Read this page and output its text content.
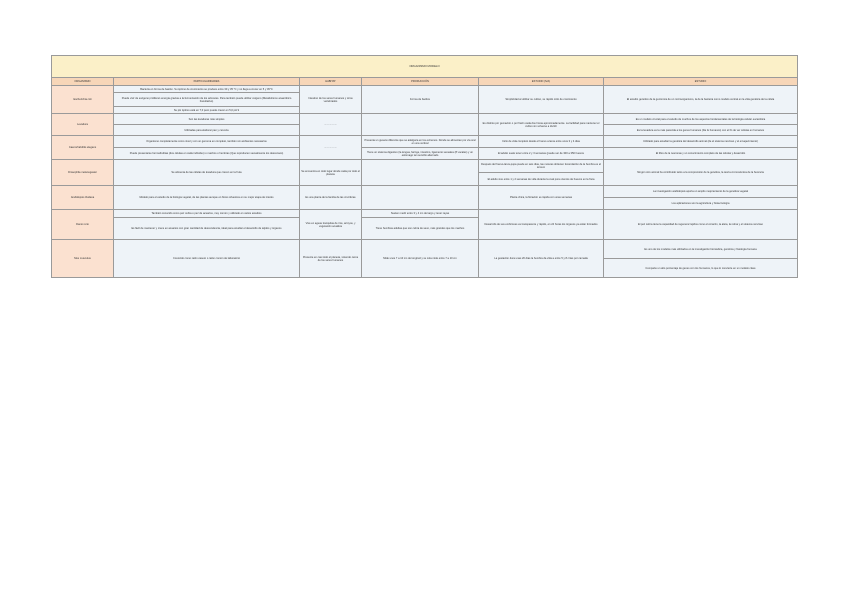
ORGANISMO MODELO					
ORGANISMO	PARTICULARIDADES	HABITAT	PRODUCCIÓN	ESTUDIO (S/A)	ESTUDIO
Escherichia coli	Bacteria en forma de bastón. Su óptimo de crecimiento se produce entre 30 y 35 °C y no llega a crecer en 5 y 45°C	Intestino de los seres humanos y otros vertebrados	Forma de bacilos	Simplicidad al utilizar su cultivo, su rápido ciclo de crecimiento	El estudio genético de la genómica de un microorganismo, la de la bacteria como modelo central en la vida genética de la célula
	Puede vivir de exógeno proliferan energía gracias a la fermentación de los azúcares. Para también puede utilizar oxígeno (Metabolismo anaeróbico Facultativo)				
	Su pH óptimo está en 7,0 pero puede crecer en 5,0 pH 9				
Levadura	Son las levaduras más simples	..................		Es distinto por gemación o por fisión cada dos horas aproximadamente. La facilidad para mantener el cultivo sin volverse a dividir	Es un modelo crucial para el estudio de muchos de los aspectos fundamentales de la biología celular eucariótica
	Utilizadas para elaborar pan y cerveza				Es la levadura es la más parecida a los genes humanos (Da fe humanos) con el fin de ver células en humanos
Caenorhabditis elegans	Organismo completamente como nivel y con un genoma en completo, también sin ambientes necesarios	..................	Presenta un gusano diferente que se adelgaza en los extremos. Donde se alimentan por vía oral en una vertical	Ciclo de vida completo desde el huevo a larva entre unos 3 y 4 días	Utilizado para estudiar la genética del desarrollo animal (de el sistema nervioso y el envejecimiento)
	Puede presentarse hermafroditas (dos células en cada individuo) o machos o hembras (Que reproducen sexualmente los descensos)		Tiene un sistema digestivo (la lengua, faringe, intestino, ligamento sexuales (8 vocales) y un estómago tan sencillo alternado	El adulto suele tener entre 2 y 3 semanas (puede ser de 300 a 350 huevos	El libre de la neuronas y un conocimiento completo de las células y desarrollo
Drosophila melanogaster	Se alimenta de las células de levadura que crecen en la fruta	Se encuentra en todo lugar donde cada por todo el planeta		Después del huevo-larva-pupa puede en seis días, las moscas obtienen fecundación de la hembra es el tercero	Ningún otro animal ha contribuido tanto a la comprensión de la genética, la teoría cromosómica de la herencia
				El adulto vive entre 1 y 2 semanas de vida durante la cual pone cientos de huevos en la fruta	
Arabidopsis thaliana	Modelo para el estudio de la biología vegetal, de las plantas aunque en flores silvestres en su mejor etapa de interés	Es una planta de la familia de las crucíferas		Planta chica, la floración es rápida con unas semanas	La investigación arabidopsis aporta un amplio mejoramiento de la genética vegetal
					Los aplicaciones son la agricultura y biotecnología
Danio rerio	También conocido como pez cebra o pez de acuarios, muy común y utilizado en varios estudios	Vive en aguas tranquilas de ríos, arroyos, y vegetación acuática	Suelen medir entre 3 y 4 cm de largo y tener rayas	Desarrollo de sus embriones es transparente y rápido, en 24 horas los órganos ya están formados	El pez cebra tiene la capacidad de regenerar tejidos como el corazón, la aleta, la retina y el sistema nervioso
	Es fácil de mantener y crece en acuarios con gran cantidad de descendencia, ideal para estudiar el desarrollo de tejidos y órganos		Tiene hembras adultas que son cebra de sexo, más grandes que los machos		
Mus musculus	Conocido como ratón casero o ratón común de laboratorio	Presente en casi todo el planeta, viviendo cerca de los seres humanos	Mide unos 7 a 10 cm de longitud y su cola mide entre 7 a 10 cm	La gestación dura unas 20 días la hembra da vida a entre 5 y 8 crías por camada	Es uno de los modelos más utilizados en la investigación biomédica, genética y fisiología humana
					Comparte un alto porcentaje de genes con los humanos, lo que lo convierte en un modelo clave
